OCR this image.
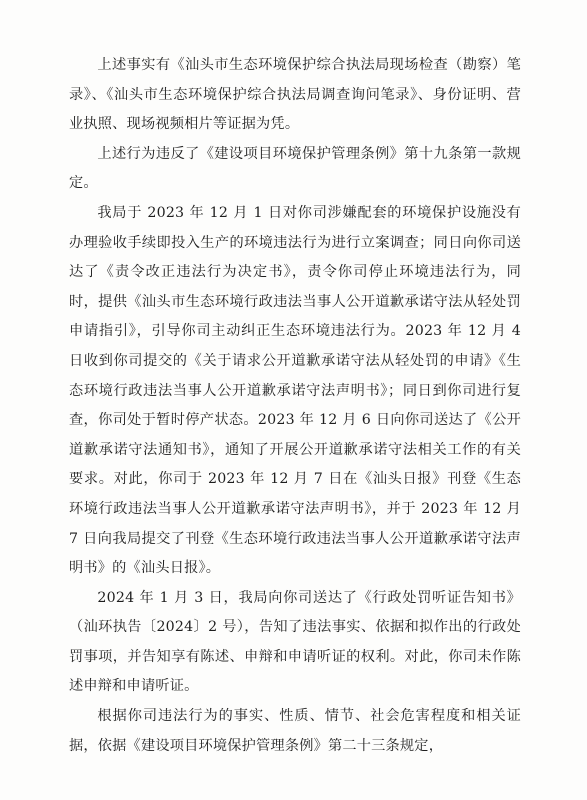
上述事实有《汕头市生态环境保护综合执法局现场检查（勘察）笔录》、《汕头市生态环境保护综合执法局调查询问笔录》、身份证明、营业执照、现场视频相片等证据为凭。

上述行为违反了《建设项目环境保护管理条例》第十九条第一款规定。

我局于 2023 年 12 月 1 日对你司涉嫌配套的环境保护设施没有办理验收手续即投入生产的环境违法行为进行立案调查；同日向你司送达了《责令改正违法行为决定书》，责令你司停止环境违法行为，同时，提供《汕头市生态环境行政违法当事人公开道歉承诺守法从轻处罚申请指引》，引导你司主动纠正生态环境违法行为。2023 年 12 月 4 日收到你司提交的《关于请求公开道歉承诺守法从轻处罚的申请》《生态环境行政违法当事人公开道歉承诺守法声明书》；同日到你司进行复查，你司处于暂时停产状态。2023 年 12 月 6 日向你司送达了《公开道歉承诺守法通知书》，通知了开展公开道歉承诺守法相关工作的有关要求。对此，你司于 2023 年 12 月 7 日在《汕头日报》刊登《生态环境行政违法当事人公开道歉承诺守法声明书》，并于 2023 年 12 月 7 日向我局提交了刊登《生态环境行政违法当事人公开道歉承诺守法声明书》的《汕头日报》。

2024 年 1 月 3 日，我局向你司送达了《行政处罚听证告知书》（汕环执告〔2024〕2 号），告知了违法事实、依据和拟作出的行政处罚事项，并告知享有陈述、申辩和申请听证的权利。对此，你司未作陈述申辩和申请听证。

根据你司违法行为的事实、性质、情节、社会危害程度和相关证据，依据《建设项目环境保护管理条例》第二十三条规定，
